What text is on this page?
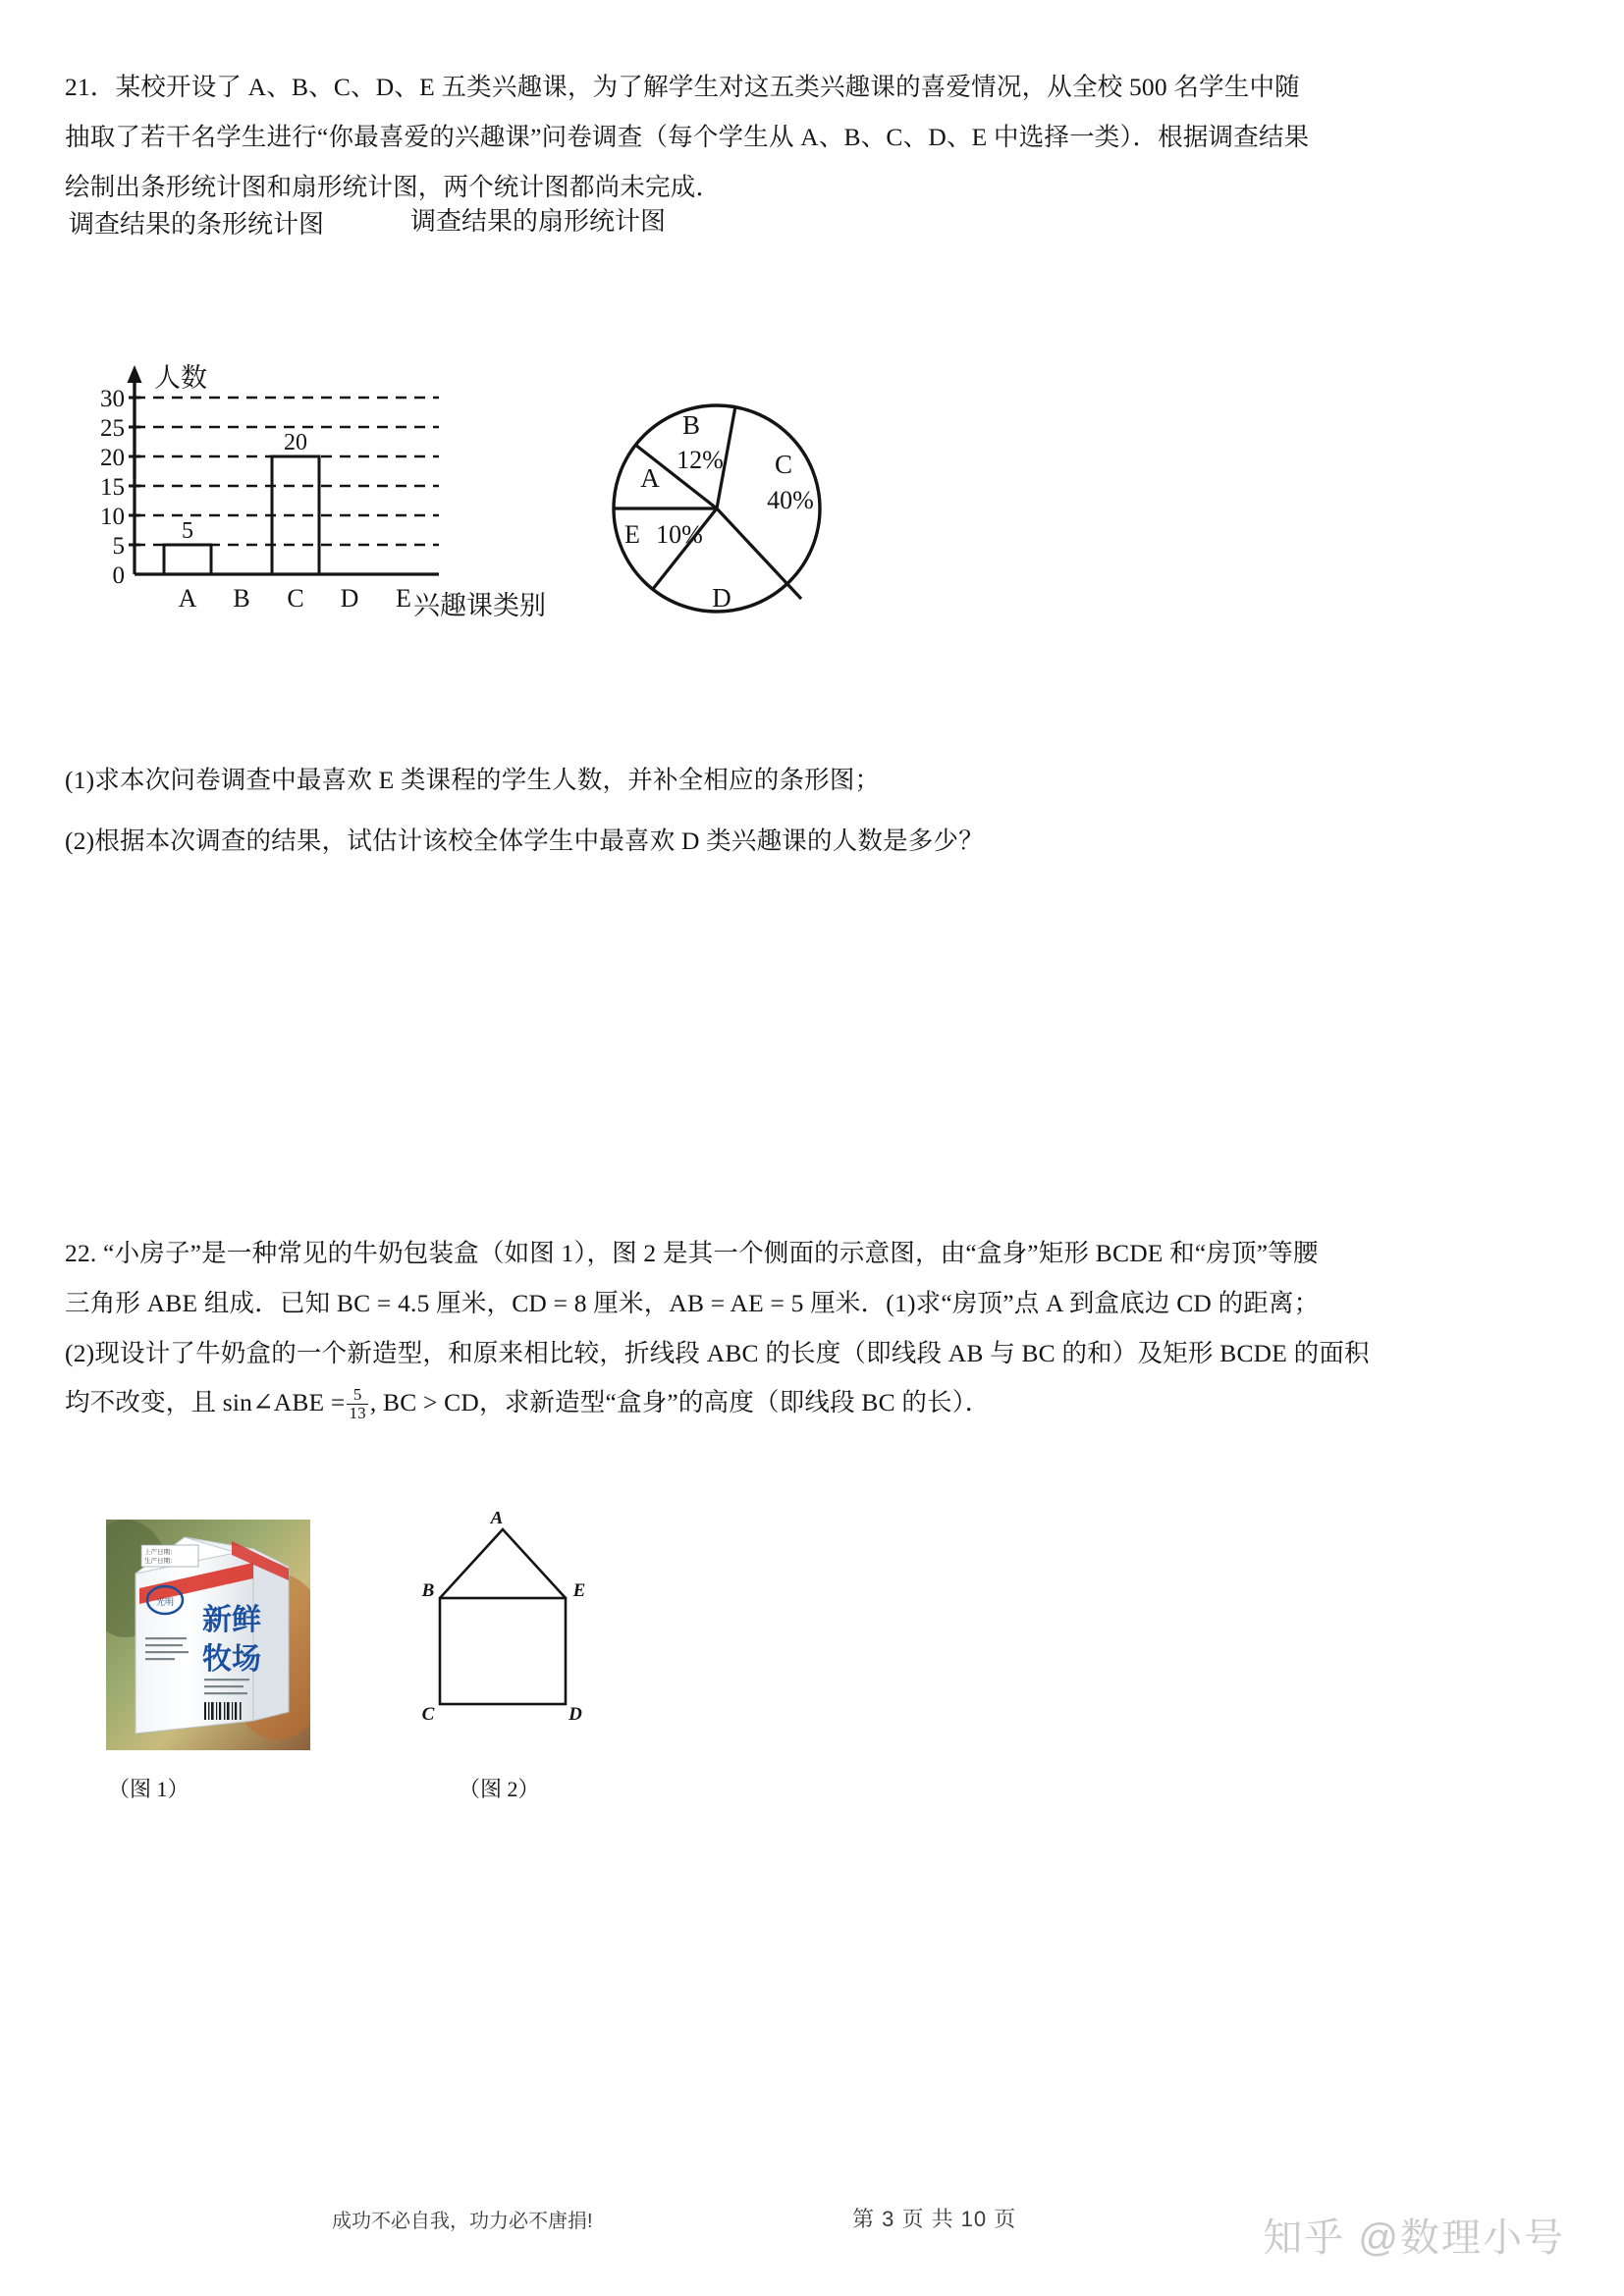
21．某校开设了 A、B、C、D、E 五类兴趣课，为了解学生对这五类兴趣课的喜爱情况，从全校 500 名学生中随
抽取了若干名学生进行“你最喜爱的兴趣课”问卷调查（每个学生从 A、B、C、D、E 中选择一类）．根据调查结果
绘制出条形统计图和扇形统计图，两个统计图都尚未完成．
调查结果的条形统计图	调查结果的扇形统计图
0
5
10
15
20
25
30
人数
5
20
A B C D E 兴趣课类别
B
12%
A	C
40%
E 10%
D
(1)求本次问卷调查中最喜欢 E 类课程的学生人数，并补全相应的条形图；
(2)根据本次调查的结果，试估计该校全体学生中最喜欢 D 类兴趣课的人数是多少？
22. “小房子”是一种常见的牛奶包装盒（如图 1），图 2 是其一个侧面的示意图，由“盒身”矩形 BCDE 和“房顶”等腰
三角形 ABE 组成．已知 BC = 4.5 厘米，CD = 8 厘米，AB = AE = 5 厘米．(1)求“房顶”点 A 到盒底边 CD 的距离；
(2)现设计了牛奶盒的一个新造型，和原来相比较，折线段 ABC 的长度（即线段 AB 与 BC 的和）及矩形 BCDE 的面积
均不改变，且 sin∠ABE = $\frac{5}{13}$ , BC > CD，求新造型“盒身”的高度（即线段 BC 的长）．
光明
上产日期：
生产日期：
新鲜
牧场
A
B	E
C	D
（图 1）	（图 2）
成功不必自我，功力必不唐捐!	第 3 页 共 10 页	知乎 @数理小号
